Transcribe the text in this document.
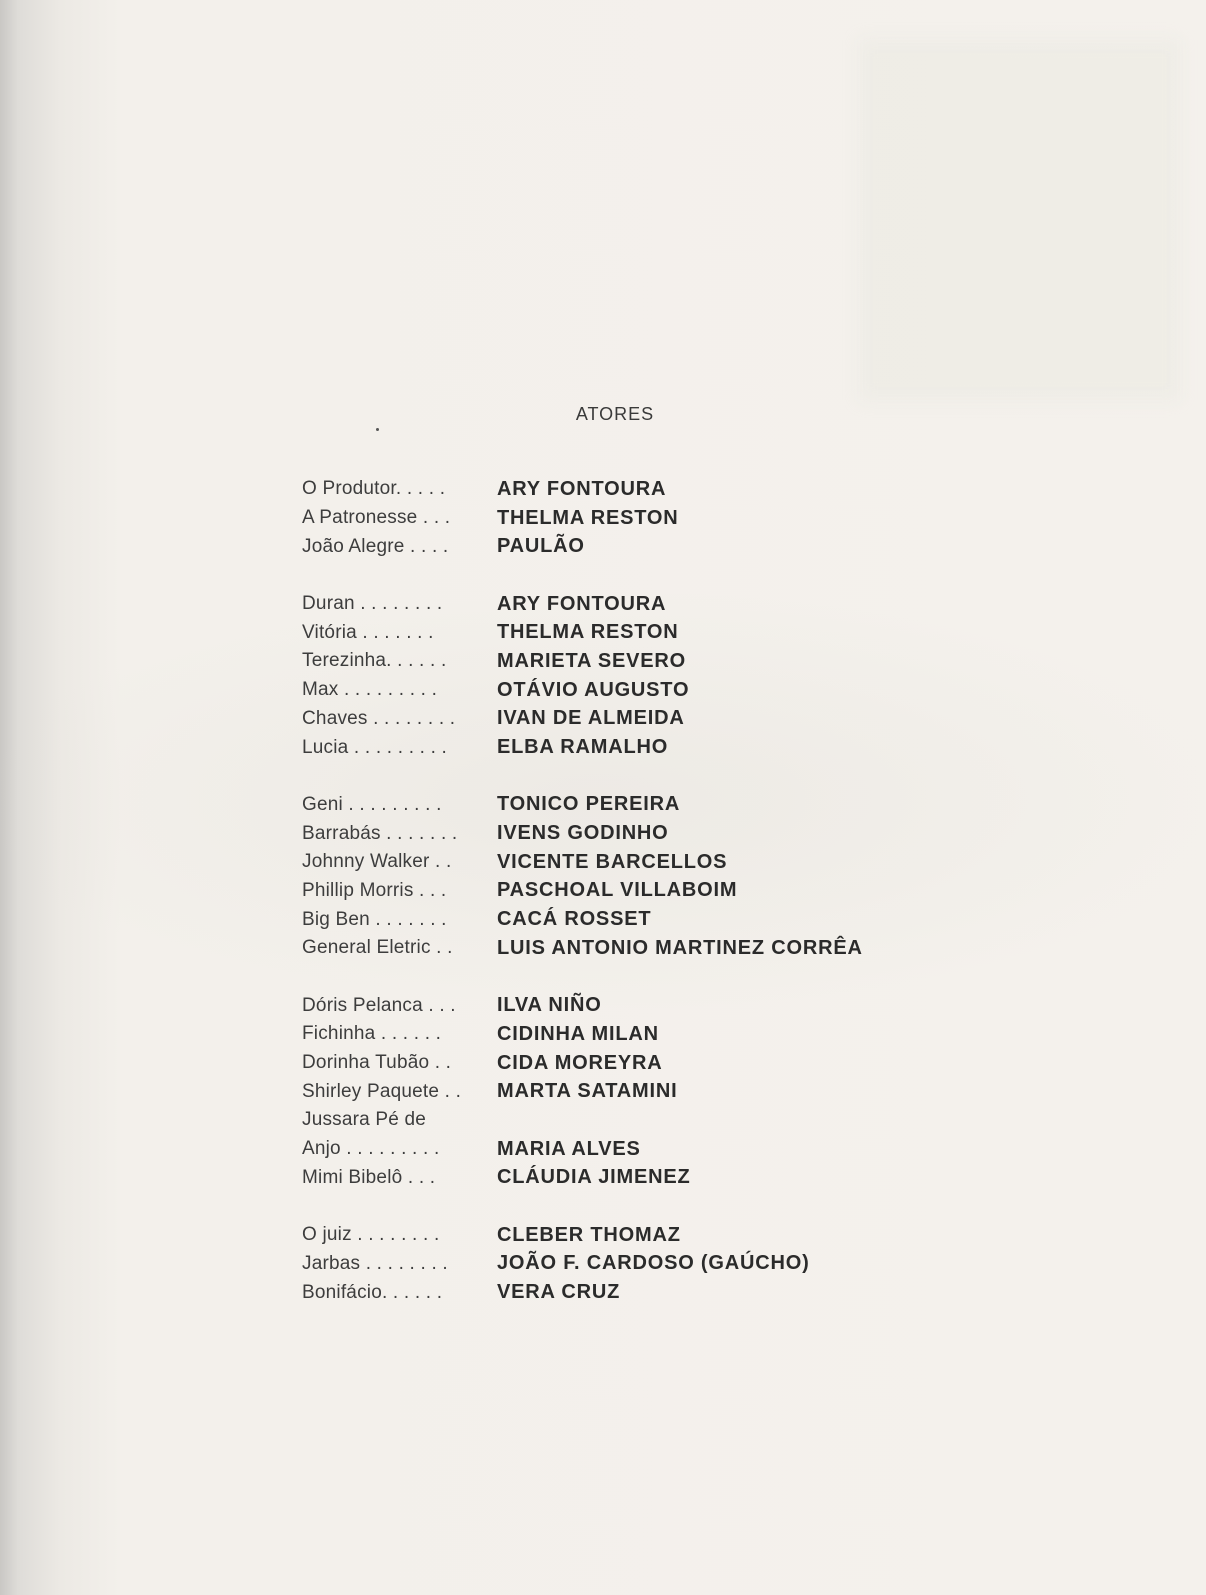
ATORES
O Produtor. . . . .	ARY FONTOURA
A Patronesse . . .	THELMA RESTON
João Alegre . . . .	PAULÃO
Duran . . . . . . . .	ARY FONTOURA
Vitória . . . . . . .	THELMA RESTON
Terezinha. . . . . .	MARIETA SEVERO
Max . . . . . . . . .	OTÁVIO AUGUSTO
Chaves . . . . . . . .	IVAN DE ALMEIDA
Lucia . . . . . . . . .	ELBA RAMALHO
Geni . . . . . . . . .	TONICO PEREIRA
Barrabás . . . . . . .	IVENS GODINHO
Johnny Walker . .	VICENTE BARCELLOS
Phillip Morris . . .	PASCHOAL VILLABOIM
Big Ben . . . . . . .	CACÁ ROSSET
General Eletric . .	LUIS ANTONIO MARTINEZ CORRÊA
Dóris Pelanca . . .	ILVA NIÑO
Fichinha . . . . . .	CIDINHA MILAN
Dorinha Tubão . .	CIDA MOREYRA
Shirley Paquete . .	MARTA SATAMINI
Jussara Pé de
Anjo . . . . . . . . .	MARIA ALVES
Mimi Bibelô . . .	CLÁUDIA JIMENEZ
O juiz . . . . . . . .	CLEBER THOMAZ
Jarbas . . . . . . . .	JOÃO F. CARDOSO (GAÚCHO)
Bonifácio. . . . . .	VERA CRUZ
